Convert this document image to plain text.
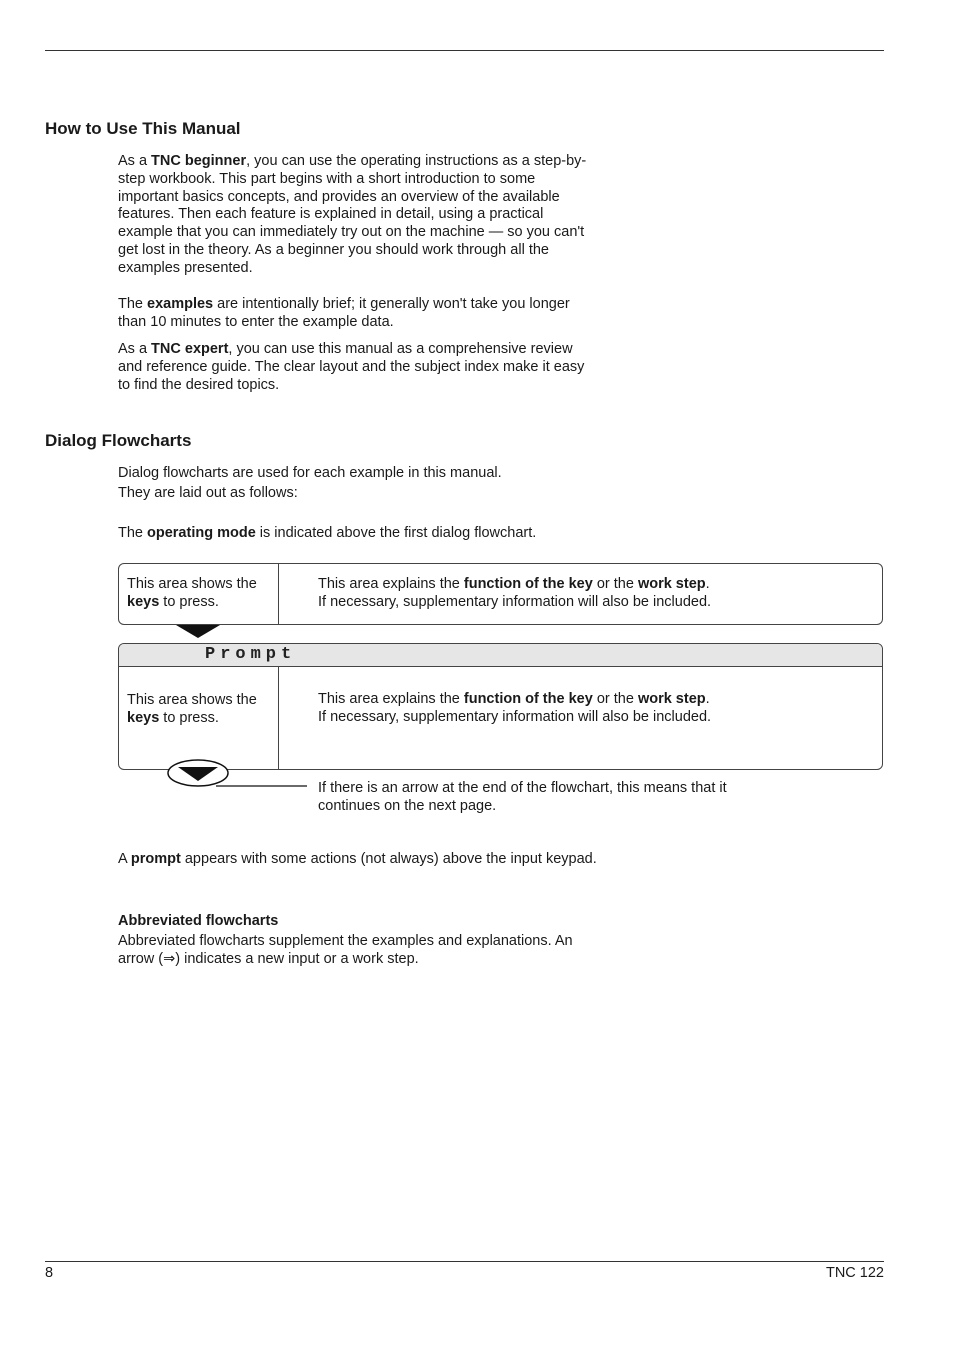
How to Use This Manual

As a TNC beginner, you can use the operating instructions as a step-by-step workbook. This part begins with a short introduction to some important basics concepts, and provides an overview of the available features. Then each feature is explained in detail, using a practical example that you can immediately try out on the machine — so you can't get lost in the theory. As a beginner you should work through all the examples presented.

The examples are intentionally brief; it generally won't take you longer than 10 minutes to enter the example data.

As a TNC expert, you can use this manual as a comprehensive review and reference guide. The clear layout and the subject index make it easy to find the desired topics.

Dialog Flowcharts

Dialog flowcharts are used for each example in this manual.

They are laid out as follows:

The operating mode is indicated above the first dialog flowchart.

This area shows the
keys to press.
This area explains the function of the key or the work step.
If necessary, supplementary information will also be included.
Prompt
This area shows the
keys to press.
This area explains the function of the key or the work step.
If necessary, supplementary information will also be included.
If there is an arrow at the end of the flowchart, this means that it continues on the next page.

A prompt appears with some actions (not always) above the input keypad.

Abbreviated flowcharts

Abbreviated flowcharts supplement the examples and explanations. An arrow (⇒) indicates a new input or a work step.

8	TNC 122
